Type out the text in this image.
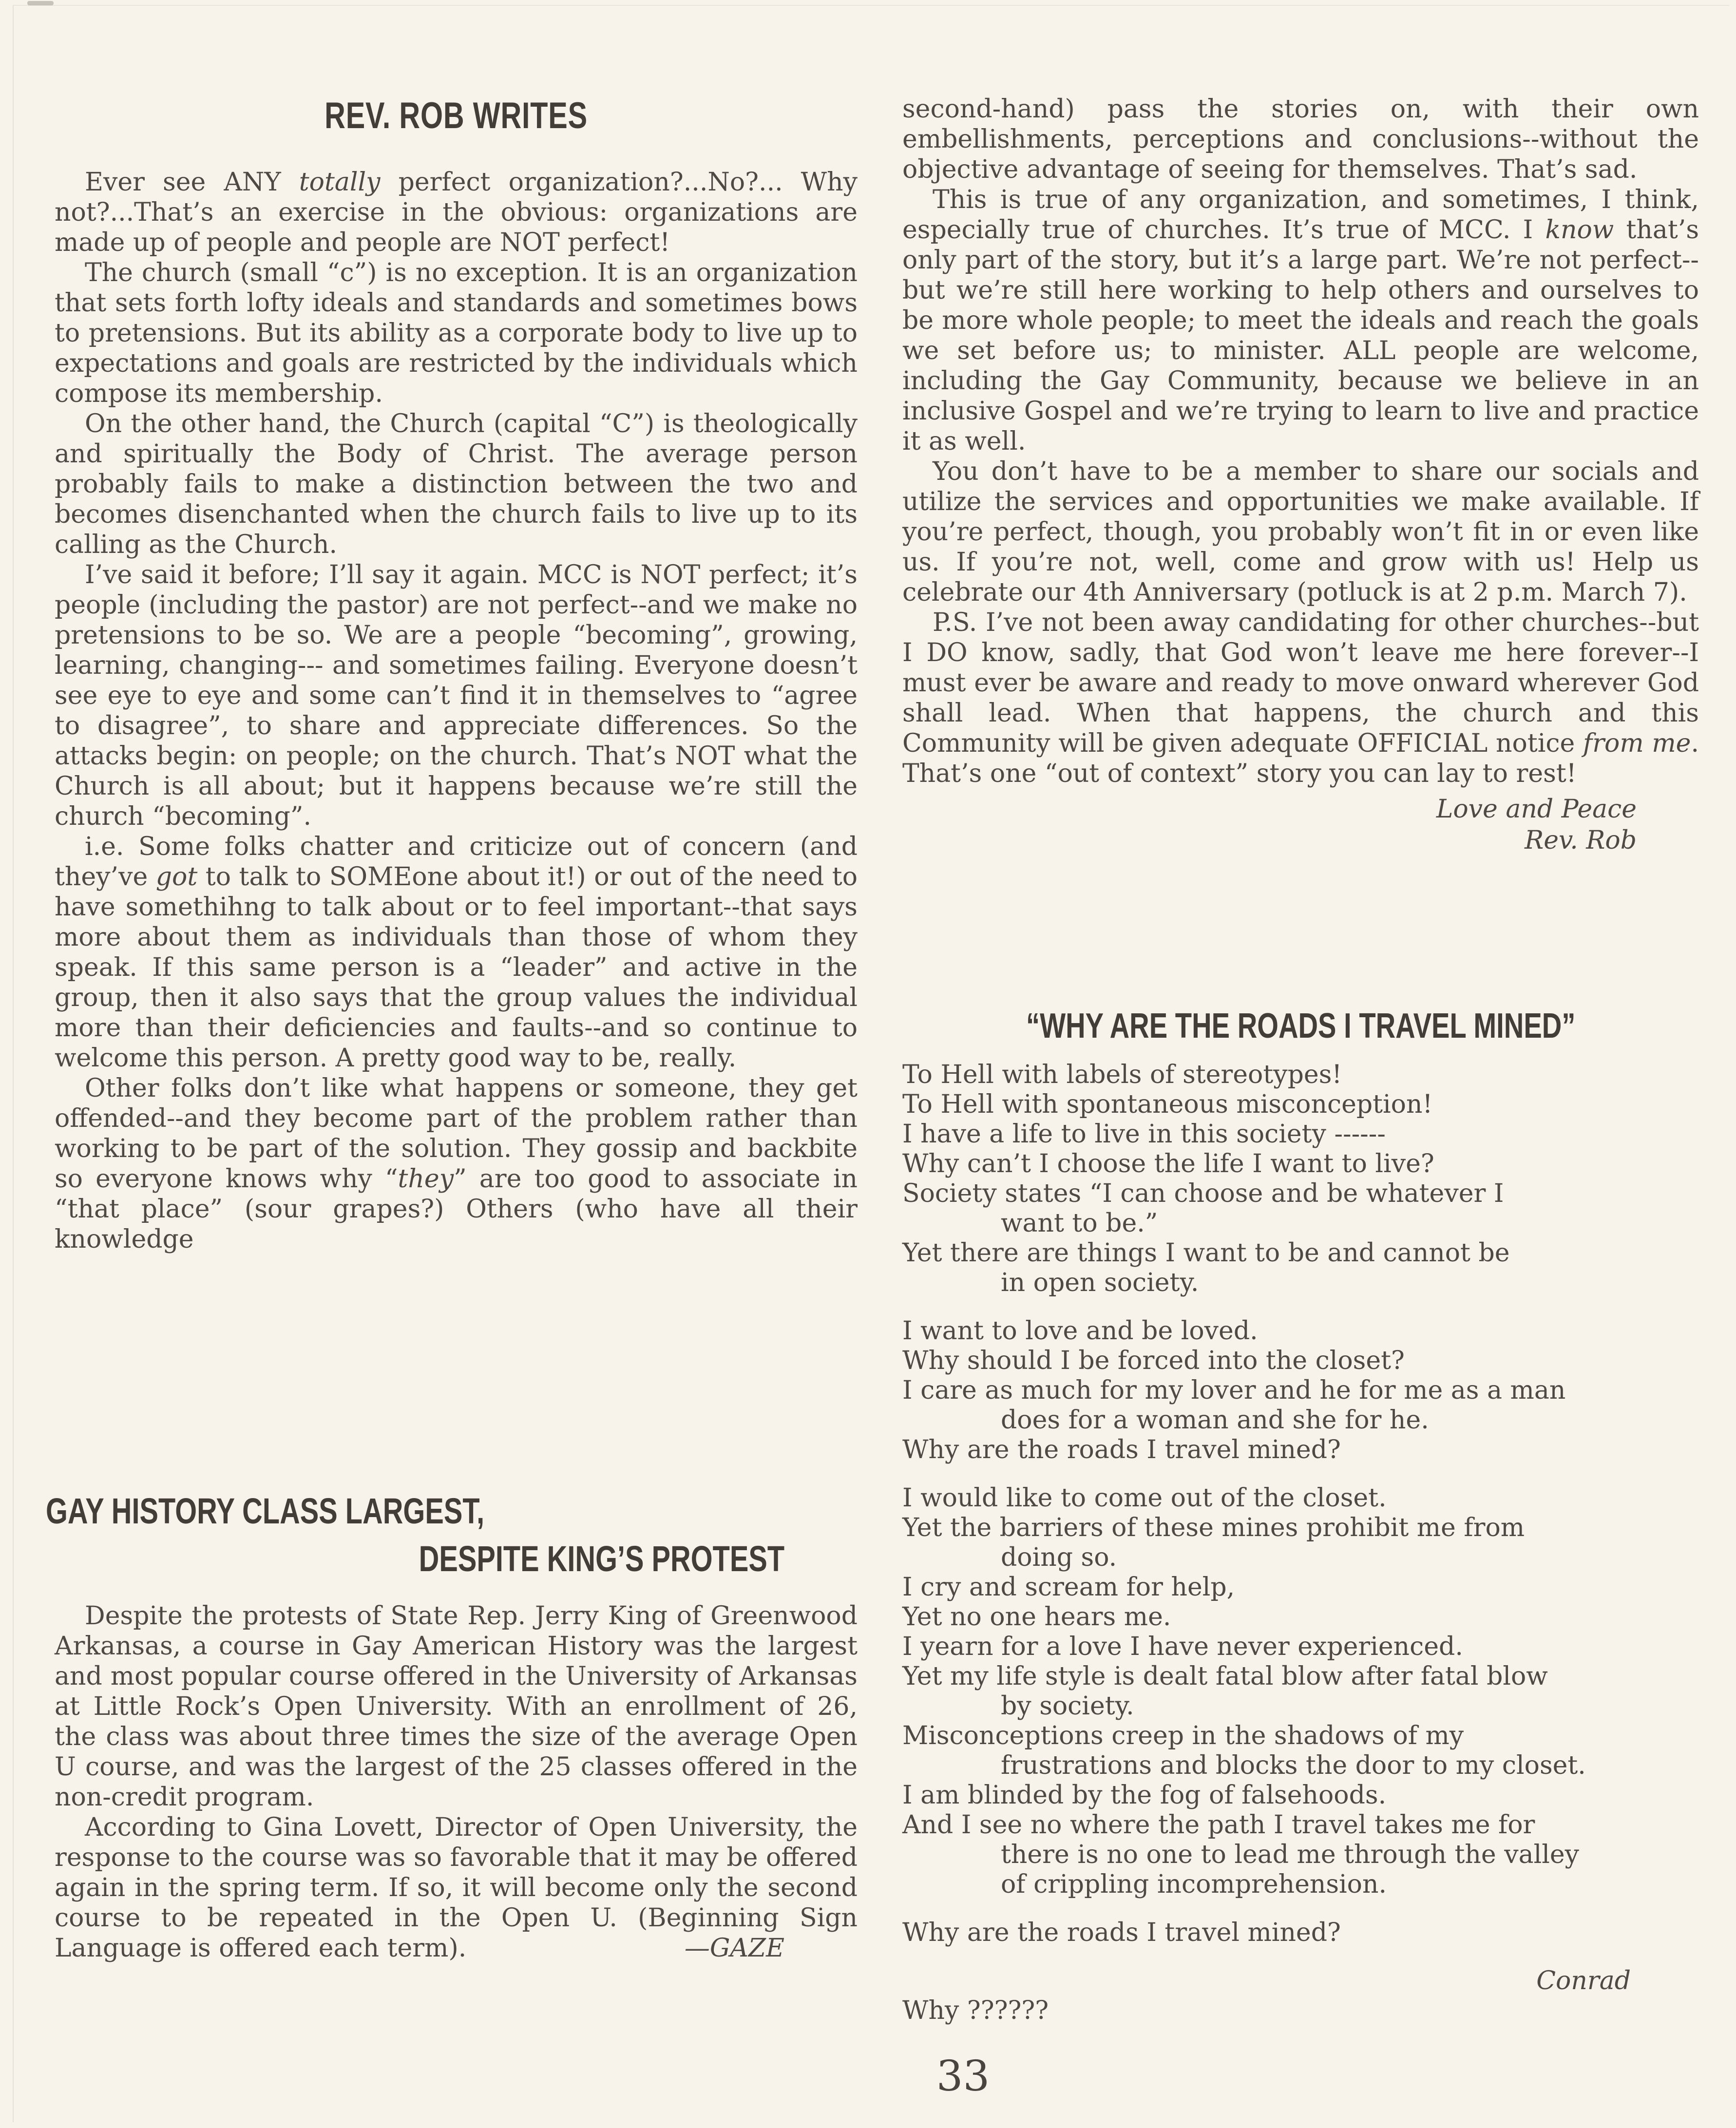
REV. ROB WRITES

Ever see ANY totally perfect organization?...No?... Why not?...That’s an exercise in the obvious: organizations are made up of people and people are NOT perfect!

The church (small “c”) is no exception. It is an organization that sets forth lofty ideals and standards and sometimes bows to pretensions. But its ability as a corporate body to live up to expectations and goals are restricted by the individuals which compose its membership.

On the other hand, the Church (capital “C”) is theologically and spiritually the Body of Christ. The average person probably fails to make a distinction between the two and becomes disenchanted when the church fails to live up to its calling as the Church.

I’ve said it before; I’ll say it again. MCC is NOT perfect; it’s people (including the pastor) are not perfect--and we make no pretensions to be so. We are a people “becoming”, growing, learning, changing--- and sometimes failing. Everyone doesn’t see eye to eye and some can’t find it in themselves to “agree to disagree”, to share and appreciate differences. So the attacks begin: on people; on the church. That’s NOT what the Church is all about; but it happens because we’re still the church “becoming”.

i.e. Some folks chatter and criticize out of concern (and they’ve got to talk to SOMEone about it!) or out of the need to have somethihng to talk about or to feel important--that says more about them as individuals than those of whom they speak. If this same person is a “leader” and active in the group, then it also says that the group values the individual more than their deficiencies and faults--and so continue to welcome this person. A pretty good way to be, really.

Other folks don’t like what happens or someone, they get offended--and they become part of the problem rather than working to be part of the solution. They gossip and backbite so everyone knows why “they” are too good to associate in “that place” (sour grapes?) Others (who have all their knowledge

GAY HISTORY CLASS LARGEST,
DESPITE KING’S PROTEST

Despite the protests of State Rep. Jerry King of Greenwood Arkansas, a course in Gay American History was the largest and most popular course offered in the University of Arkansas at Little Rock’s Open University. With an enrollment of 26, the class was about three times the size of the average Open U course, and was the largest of the 25 classes offered in the non-credit program.

According to Gina Lovett, Director of Open University, the response to the course was so favorable that it may be offered again in the spring term. If so, it will become only the second course to be repeated in the Open U. (Beginning Sign Language is offered each term).	—GAZE

second-hand) pass the stories on, with their own embellishments, perceptions and conclusions--without the objective advantage of seeing for themselves. That’s sad.

This is true of any organization, and sometimes, I think, especially true of churches. It’s true of MCC. I know that’s only part of the story, but it’s a large part. We’re not perfect--but we’re still here working to help others and ourselves to be more whole people; to meet the ideals and reach the goals we set before us; to minister. ALL people are welcome, including the Gay Community, because we believe in an inclusive Gospel and we’re trying to learn to live and practice it as well.

You don’t have to be a member to share our socials and utilize the services and opportunities we make available. If you’re perfect, though, you probably won’t fit in or even like us. If you’re not, well, come and grow with us! Help us celebrate our 4th Anniversary (potluck is at 2 p.m. March 7).

P.S. I’ve not been away candidating for other churches--but I DO know, sadly, that God won’t leave me here forever--I must ever be aware and ready to move onward wherever God shall lead. When that happens, the church and this Community will be given adequate OFFICIAL notice from me. That’s one “out of context” story you can lay to rest!

Love and Peace
Rev. Rob
“WHY ARE THE ROADS I TRAVEL MINED”
To Hell with labels of stereotypes!
To Hell with spontaneous misconception!
I have a life to live in this society ------
Why can’t I choose the life I want to live?
Society states “I can choose and be whatever I
want to be.”
Yet there are things I want to be and cannot be
in open society.
I want to love and be loved.
Why should I be forced into the closet?
I care as much for my lover and he for me as a man
does for a woman and she for he.
Why are the roads I travel mined?
I would like to come out of the closet.
Yet the barriers of these mines prohibit me from
doing so.
I cry and scream for help,
Yet no one hears me.
I yearn for a love I have never experienced.
Yet my life style is dealt fatal blow after fatal blow
by society.
Misconceptions creep in the shadows of my
frustrations and blocks the door to my closet.
I am blinded by the fog of falsehoods.
And I see no where the path I travel takes me for
there is no one to lead me through the valley
of crippling incomprehension.
Why are the roads I travel mined?
Conrad
Why ??????
33
